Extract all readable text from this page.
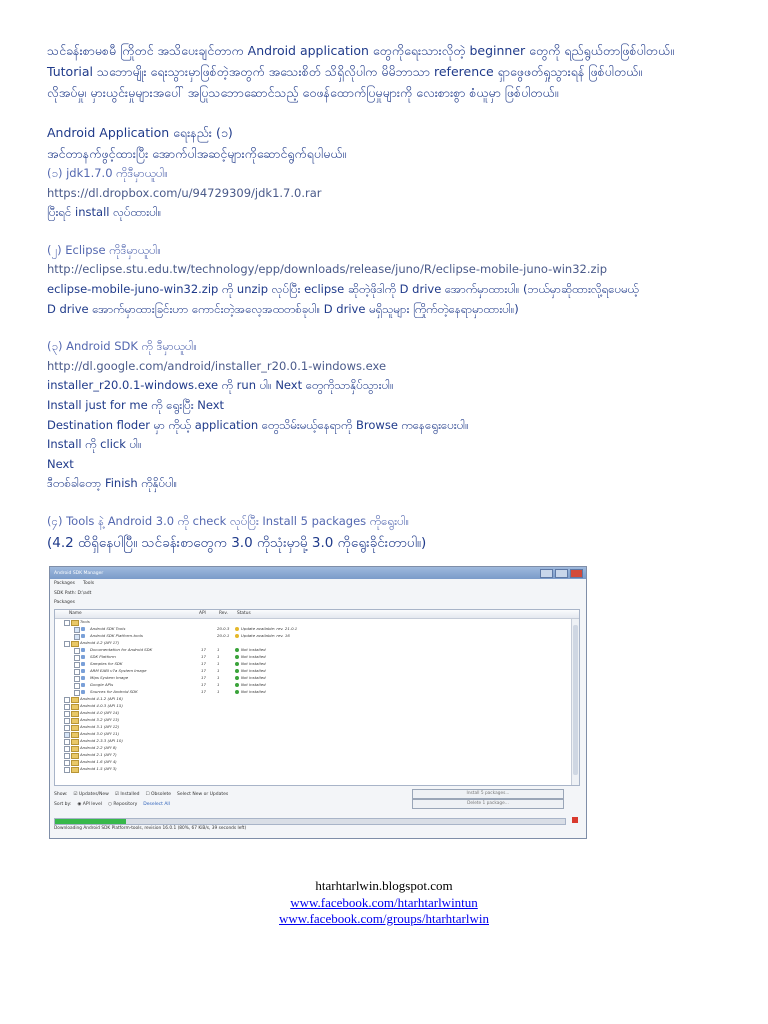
သင်ခန်းစာမစမီ ကြိုတင် အသိပေးချင်တာက Android application တွေကိုရေးသားလိုတဲ့ beginner တွေကို ရည်ရွယ်တာဖြစ်ပါတယ်။

Tutorial သဘောမျိုး ရေးသွားမှာဖြစ်တဲ့အတွက် အသေးစိတ် သိရှိလိုပါက မိမိဘာသာ reference ရှာဖွေဖတ်ရှုသွားရန် ဖြစ်ပါတယ်။

လိုအပ်မှု၊ မှားယွင်းမှုများအပေါ် အပြုသဘောဆောင်သည့် ဝေဖန်ထောက်ပြမှုများကို လေးစားစွာ စံယူမှာ ဖြစ်ပါတယ်။

Android Application ရေးနည်း (၁)

အင်တာနက်ဖွင့်ထားပြီး အောက်ပါအဆင့်များကိုဆောင်ရွက်ရပါမယ်။

(၁) jdk1.7.0 ကိုဒီမှာယူပါ။

https://dl.dropbox.com/u/94729309/jdk1.7.0.rar

ပြီးရင် install လုပ်ထားပါ။

(၂) Eclipse ကိုဒီမှာယူပါ။

http://eclipse.stu.edu.tw/technology/epp/downloads/release/juno/R/eclipse-mobile-juno-win32.zip

eclipse-mobile-juno-win32.zip ကို unzip လုပ်ပြီး eclipse ဆိုတဲ့ဖိုဒါကို D drive အောက်မှာထားပါ။ (ဘယ်မှာဆိုထားလို့ရပေမယ့်

D drive အောက်မှာထားခြင်းဟာ ကောင်းတဲ့အလေ့အထတစ်ခုပါ။ D drive မရှိသူများ ကြိုက်တဲ့နေရာမှာထားပါ။)

(၃) Android SDK ကို ဒီမှာယူပါ။

http://dl.google.com/android/installer_r20.0.1-windows.exe

installer_r20.0.1-windows.exe ကို run ပါ။ Next တွေကိုသာနှိပ်သွားပါ။

Install just for me ကို ရွေးပြီး Next

Destination floder မှာ ကိုယ့် application တွေသိမ်းမယ့်နေရာကို Browse ကနေရွေးပေးပါ။

Install ကို click ပါ။

Next

ဒီတစ်ခါတော့ Finish ကိုနှိပ်ပါ။

(၄) Tools နဲ့ Android 3.0 ကို check လုပ်ပြီး Install 5 packages ကိုရွေးပါ။

(4.2 ထိရှိနေပါပြီ။ သင်ခန်းစာတွေက 3.0 ကိုသုံးမှာမို့ 3.0 ကိုရွေးခိုင်းတာပါ။)

Android SDK Manager
Packages Tools
SDK Path: D:\adt
Packages
Name	API	Rev. Status
Tools
Android SDK Tools	20.0.3	Update available: rev. 21.0.1
Android SDK Platform-tools	20.0.1	Update available: rev. 16
Android 4.2 (API 17)
Documentation for Android SDK	17	1	Not installed
SDK Platform	17	1	Not installed
Samples for SDK	17	1	Not installed
ARM EABI v7a System Image	17	1	Not installed
Mips System Image	17	1	Not installed
Google APIs	17	1	Not installed
Sources for Android SDK	17	1	Not installed
Android 4.1.2 (API 16)
Android 4.0.3 (API 15)
Android 4.0 (API 14)
Android 3.2 (API 13)
Android 3.1 (API 12)
Android 3.0 (API 11)
Android 2.3.3 (API 10)
Android 2.2 (API 8)
Android 2.1 (API 7)
Android 1.6 (API 4)
Android 1.5 (API 3)
Show: ☑ Updates/New ☑ Installed ☐ Obsolete Select New or Updates	Install 5 packages...
Sort by: ◉ API level ○ Repository Deselect All	Delete 1 package...
Downloading Android SDK Platform-tools, revision 16.0.1 (80%, 67 KiB/s, 39 seconds left)
htarhtarlwin.blogspot.com
www.facebook.com/htarhtarlwintun
www.facebook.com/groups/htarhtarlwin
